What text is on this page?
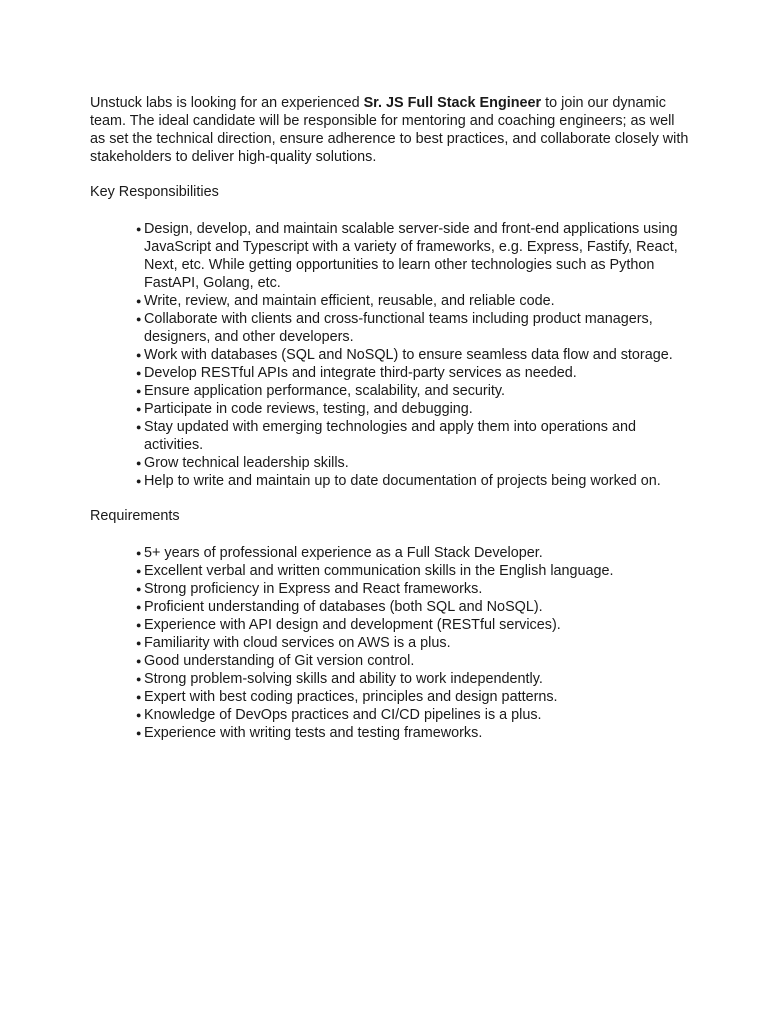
Unstuck labs is looking for an experienced Sr. JS Full Stack Engineer to join our dynamic team. The ideal candidate will be responsible for mentoring and coaching engineers; as well as set the technical direction, ensure adherence to best practices, and collaborate closely with stakeholders to deliver high-quality solutions.

Key Responsibilities
● Design, develop, and maintain scalable server-side and front-end applications using JavaScript and Typescript with a variety of frameworks, e.g. Express, Fastify, React, Next, etc. While getting opportunities to learn other technologies such as Python FastAPI, Golang, etc.
● Write, review, and maintain efficient, reusable, and reliable code.
● Collaborate with clients and cross-functional teams including product managers, designers, and other developers.
● Work with databases (SQL and NoSQL) to ensure seamless data flow and storage.
● Develop RESTful APIs and integrate third-party services as needed.
● Ensure application performance, scalability, and security.
● Participate in code reviews, testing, and debugging.
● Stay updated with emerging technologies and apply them into operations and activities.
● Grow technical leadership skills.
● Help to write and maintain up to date documentation of projects being worked on.
Requirements
● 5+ years of professional experience as a Full Stack Developer.
● Excellent verbal and written communication skills in the English language.
● Strong proficiency in Express and React frameworks.
● Proficient understanding of databases (both SQL and NoSQL).
● Experience with API design and development (RESTful services).
● Familiarity with cloud services on AWS is a plus.
● Good understanding of Git version control.
● Strong problem-solving skills and ability to work independently.
● Expert with best coding practices, principles and design patterns.
● Knowledge of DevOps practices and CI/CD pipelines is a plus.
● Experience with writing tests and testing frameworks.
